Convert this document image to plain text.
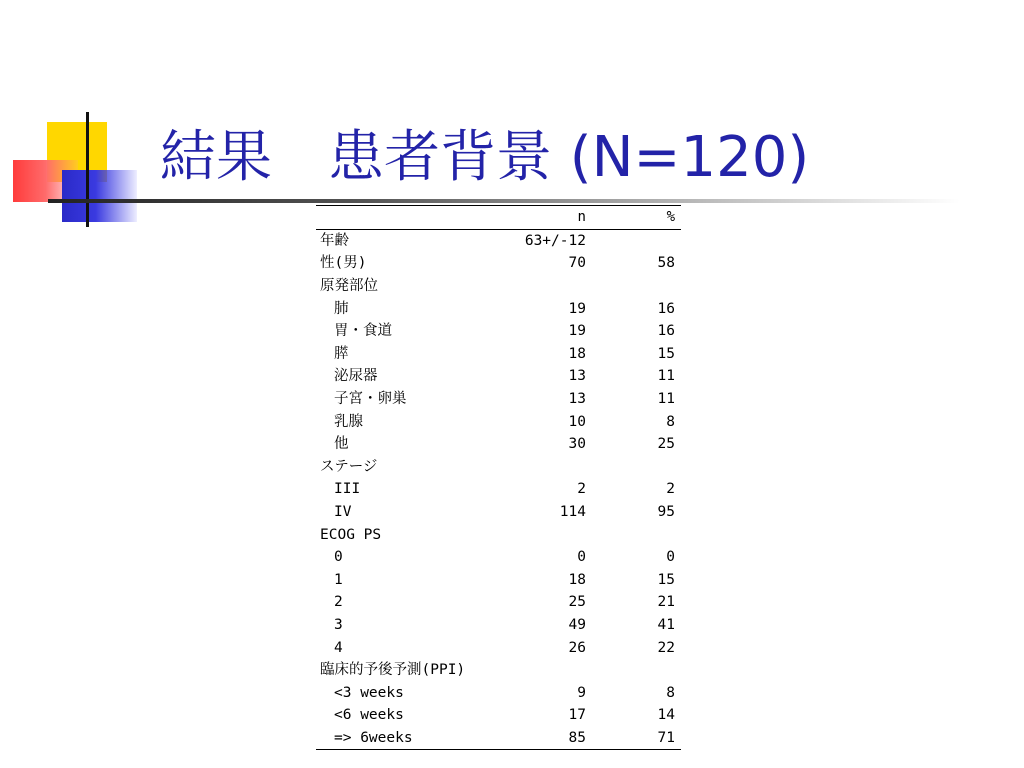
結果　患者背景 (N=120)
	n	%
年齢	63+/-12	
性(男)	70	58
原発部位		
肺	19	16
胃・食道	19	16
膵	18	15
泌尿器	13	11
子宮・卵巣	13	11
乳腺	10	8
他	30	25
ステージ		
III	2	2
IV	114	95
ECOG PS		
0	0	0
1	18	15
2	25	21
3	49	41
4	26	22
臨床的予後予測(PPI)		
<3 weeks	9	8
<6 weeks	17	14
=> 6weeks	85	71
